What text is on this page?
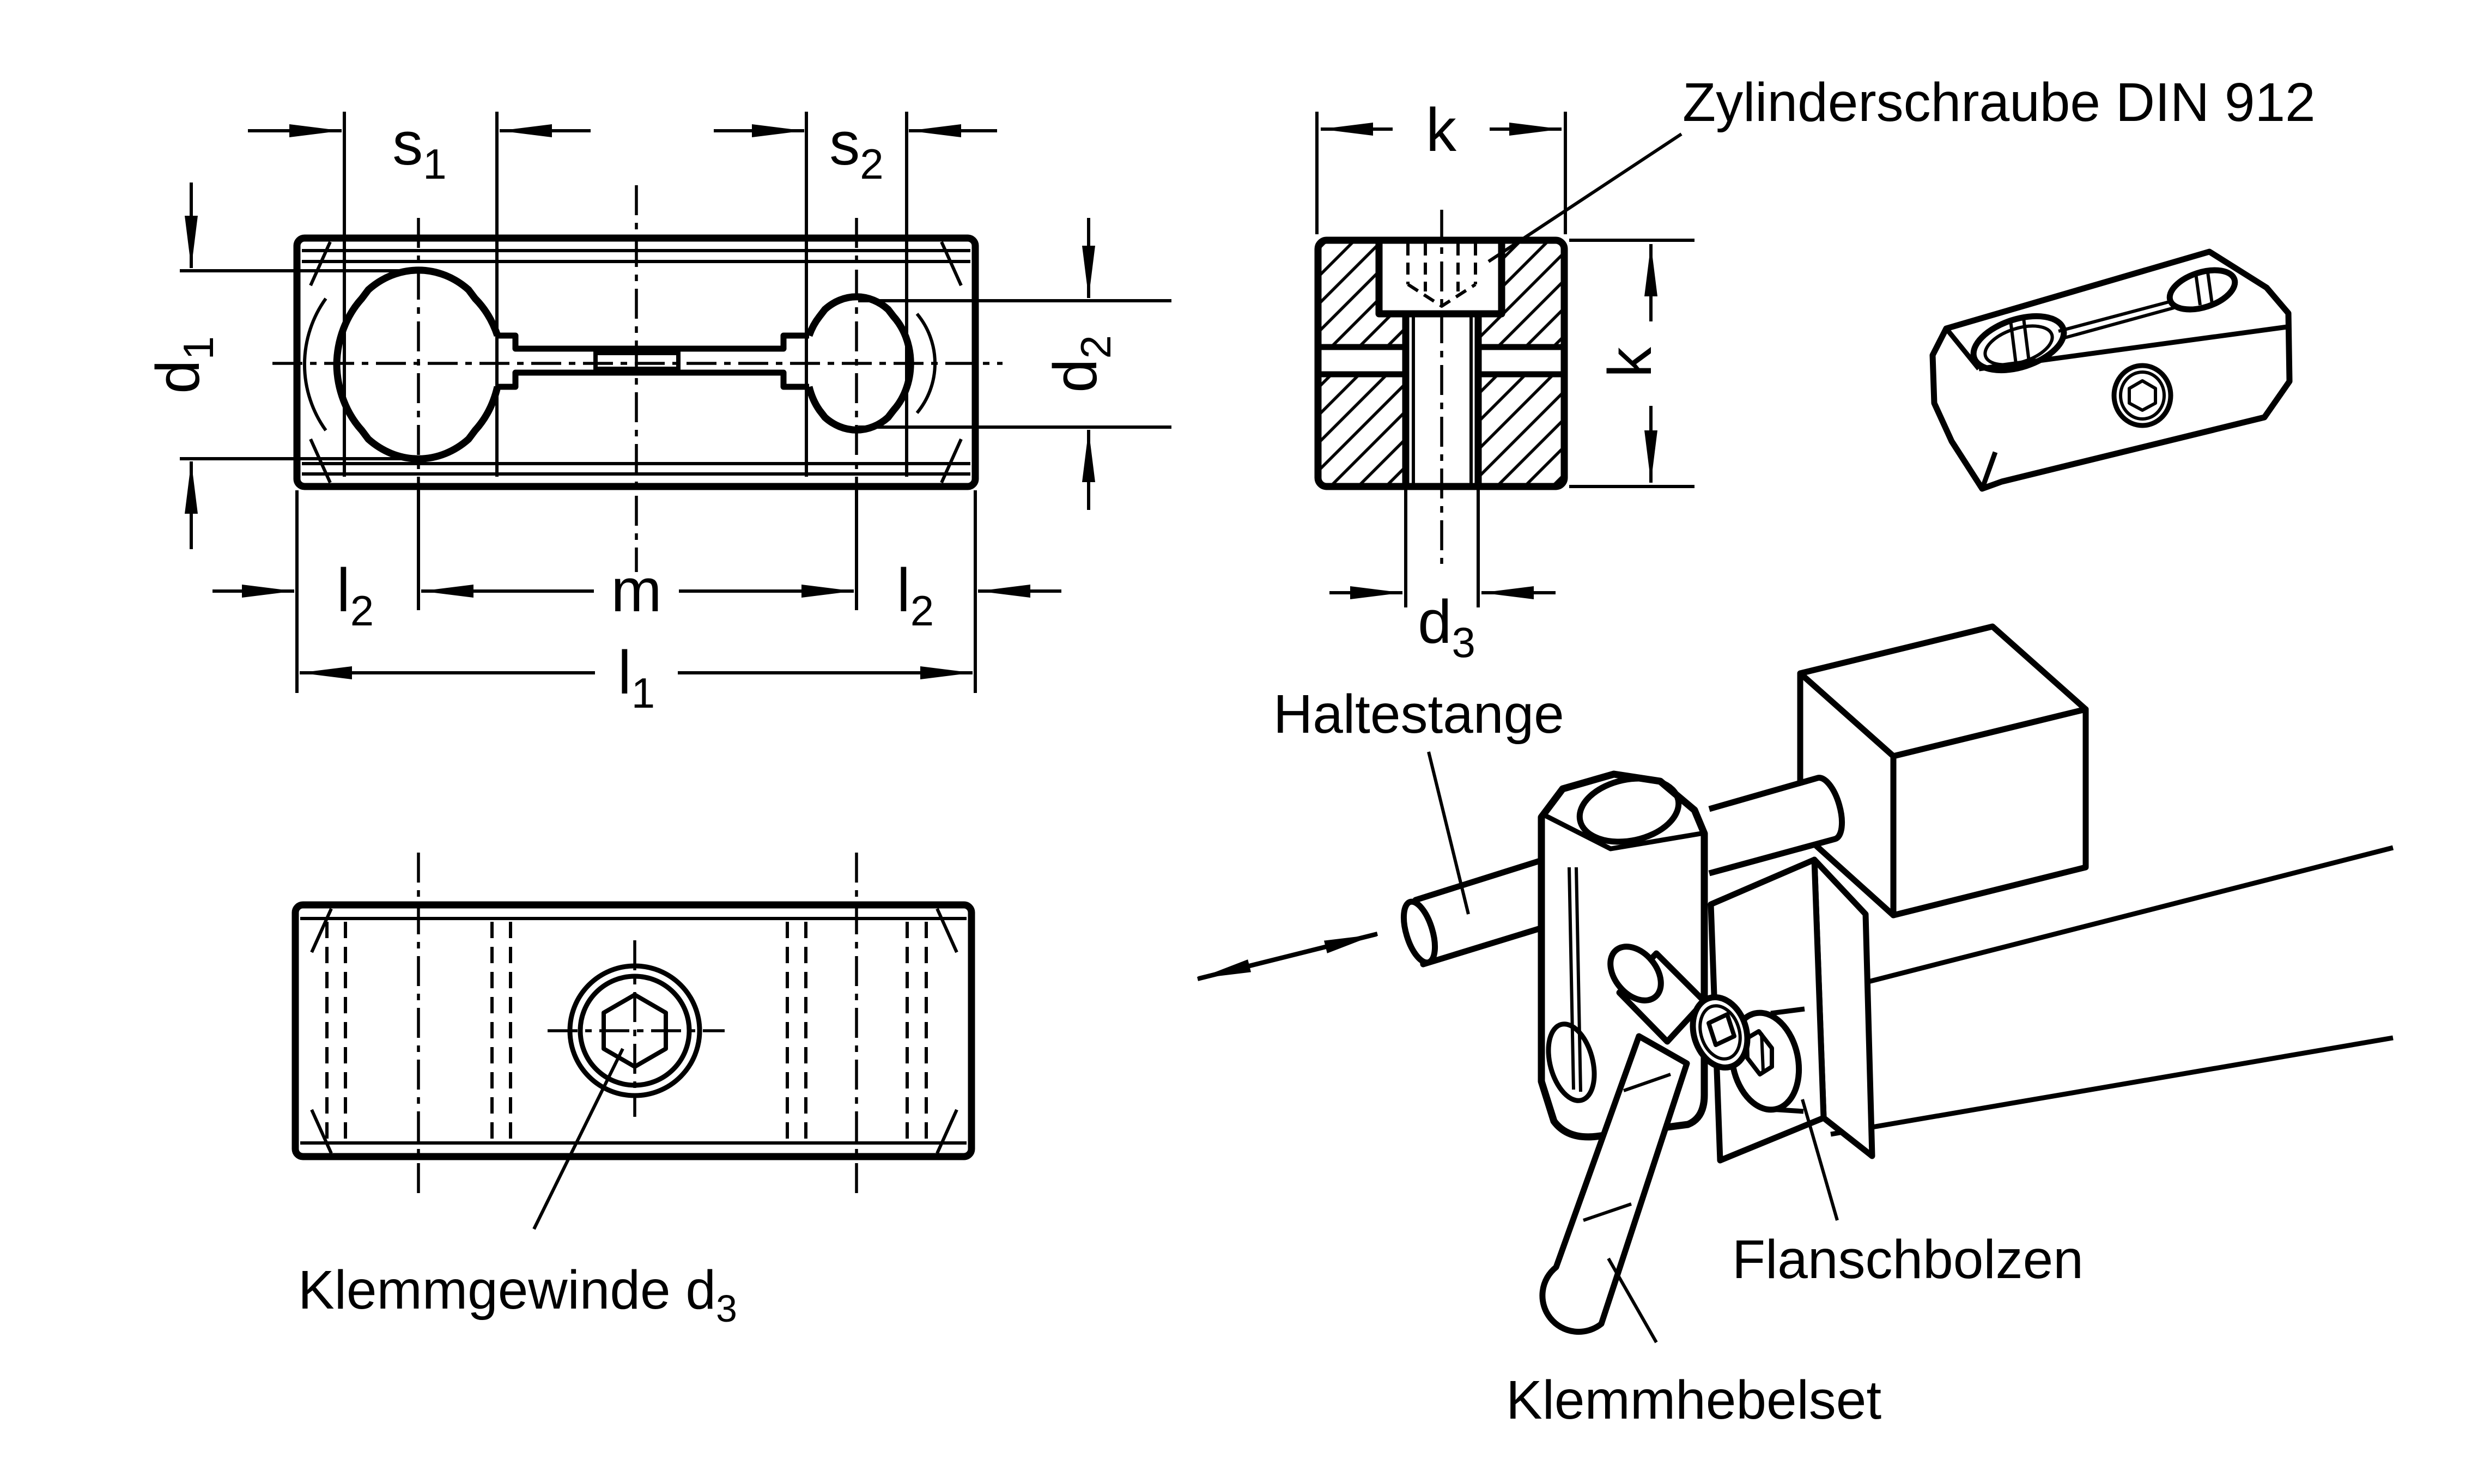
$s_1$	$s_2$
$d_1$
$d_2$
$l_2$	m	$l_2$
$l_1$
k
k
$d_3$
Zylinderschraube DIN 912
Klemmgewinde $d_3$
Haltestange
Flanschbolzen
Klemmhebelset
